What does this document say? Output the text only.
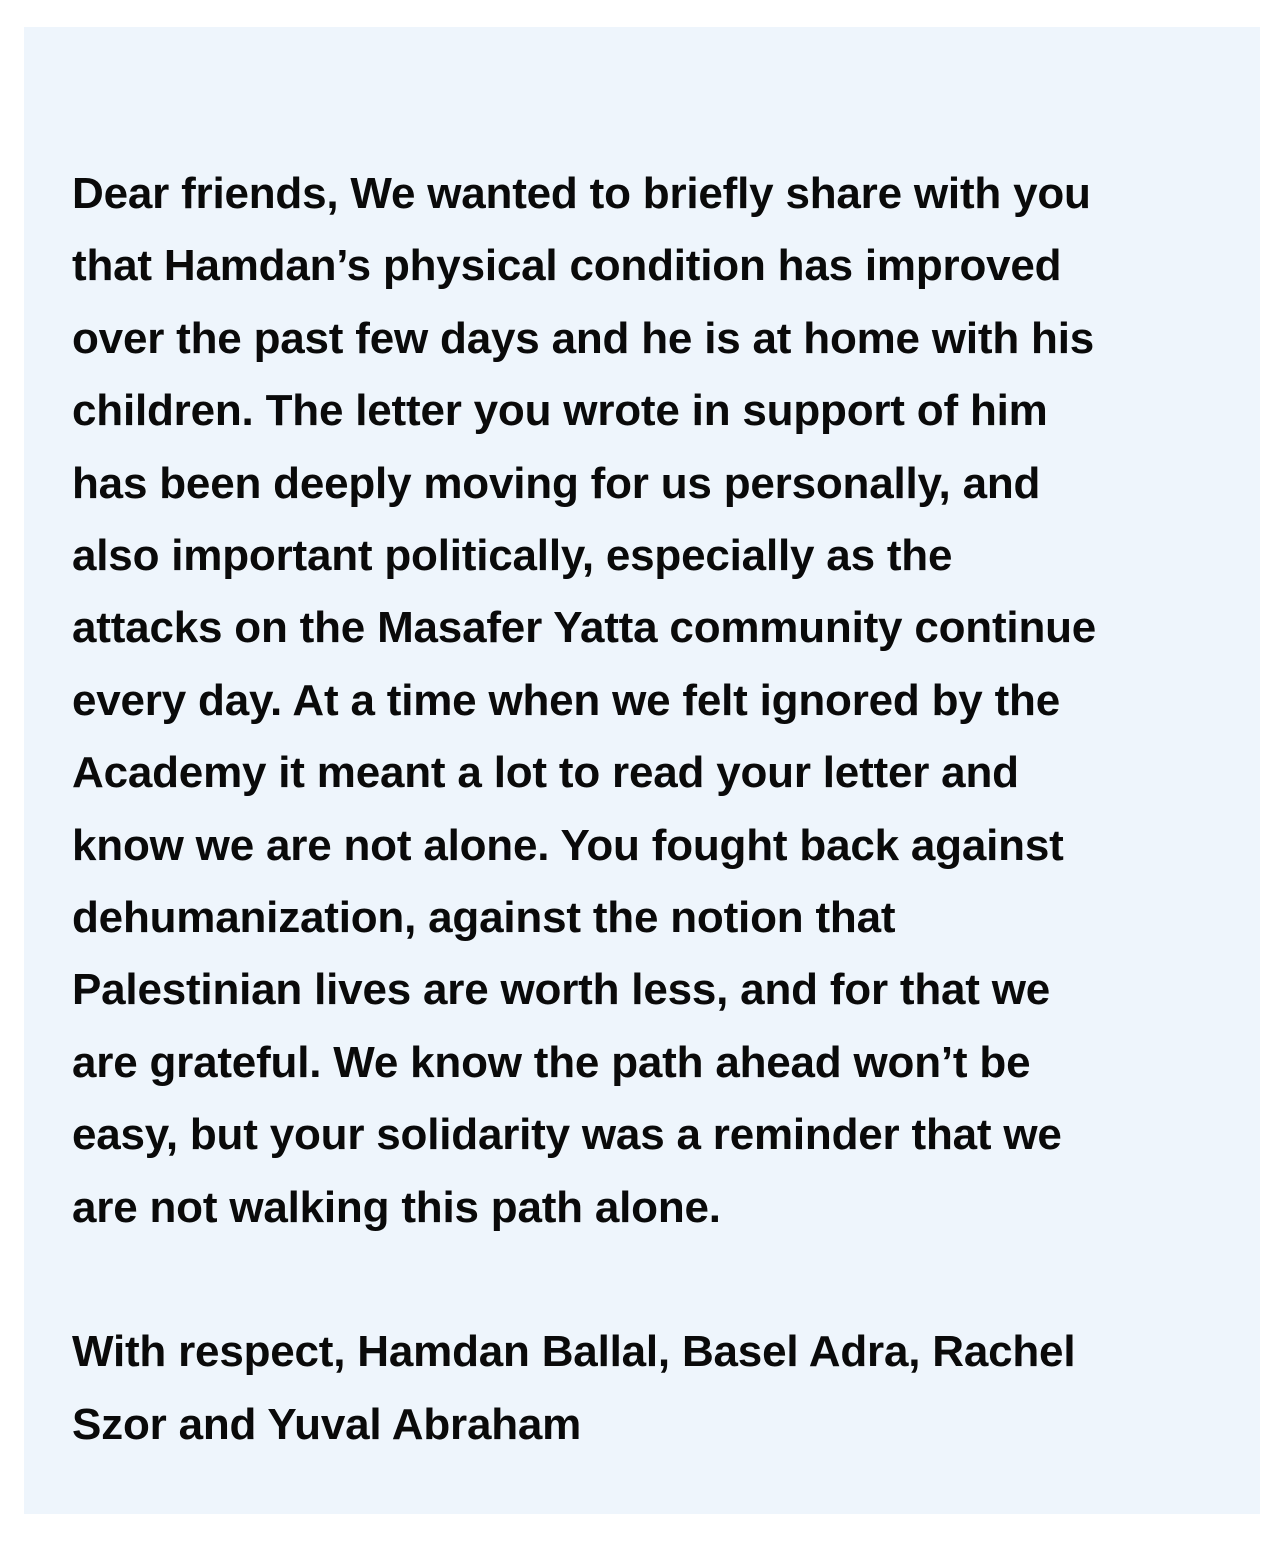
Dear friends, We wanted to briefly share with you
that Hamdan’s physical condition has improved
over the past few days and he is at home with his
children. The letter you wrote in support of him
has been deeply moving for us personally, and
also important politically, especially as the
attacks on the Masafer Yatta community continue
every day. At a time when we felt ignored by the
Academy it meant a lot to read your letter and
know we are not alone. You fought back against
dehumanization, against the notion that
Palestinian lives are worth less, and for that we
are grateful. We know the path ahead won’t be
easy, but your solidarity was a reminder that we
are not walking this path alone.
With respect, Hamdan Ballal, Basel Adra, Rachel
Szor and Yuval Abraham
